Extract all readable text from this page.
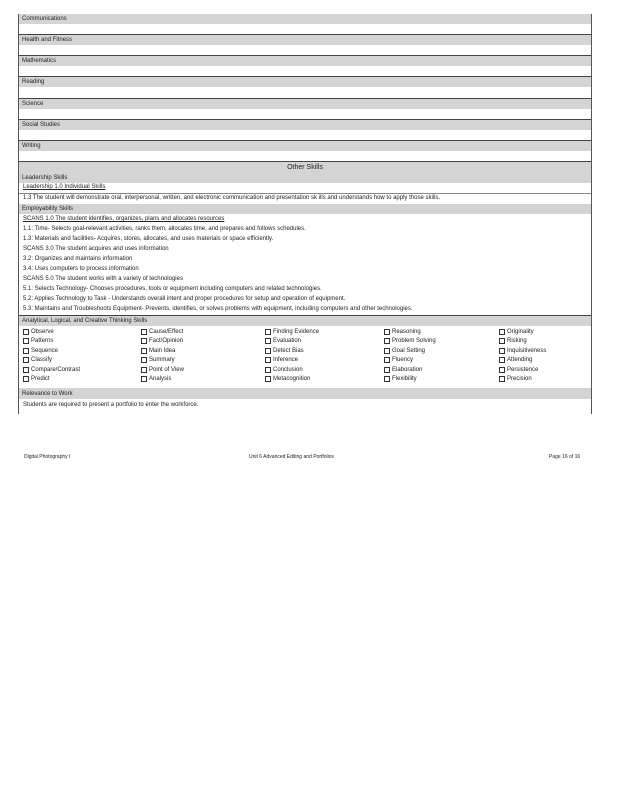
Communications
Health and Fitness
Mathematics
Reading
Science
Social Studies
Writing
Other Skills
Leadership Skills
Leadership 1.0 Individual Skills
1.3 The student will demonstrate oral, interpersonal, written, and electronic communication and presentation sk ills and understands how to apply those skills.
Employability Skills
SCANS 1.0 The student identifies, organizes, plans and allocates resources
1.1: Time- Selects goal-relevant activities, ranks them, allocates time, and prepares and follows schedules.
1.3: Materials and facilities- Acquires, stores, allocates, and uses materials or space efficiently.
SCANS 3.0 The student acquires and uses information
3.2: Organizes and maintains information
3.4: Uses computers to process information
SCANS 5.0 The student works with a variety of technologies
5.1: Selects Technology- Chooses procedures, tools or equipment including computers and related technologies.
5.2: Applies Technology to Task - Understands overall intent and proper procedures for setup and operation of equipment.
5.3: Maintains and Troubleshoots Equipment- Prevents, identifies, or solves problems with equipment, including computers and other technologies.
Analytical, Logical, and Creative Thinking Skills
Observe
Patterns
Sequence
Classify
Compare/Contrast
Predict
Cause/Effect
Fact/Opinion
Main Idea
Summary
Point of View
Analysis
Finding Evidence
Evaluation
Detect Bias
Inference
Conclusion
Metacognition
Reasoning
Problem Solving
Goal Setting
Fluency
Elaboration
Flexibility
Originality
Risking
Inquisitiveness
Attending
Persistence
Precision
Relevance to Work
Students are required to present a portfolio to enter the workforce.
Digital Photography I	Unit 6 Advanced Editing and Portfolios	Page 16 of 16
